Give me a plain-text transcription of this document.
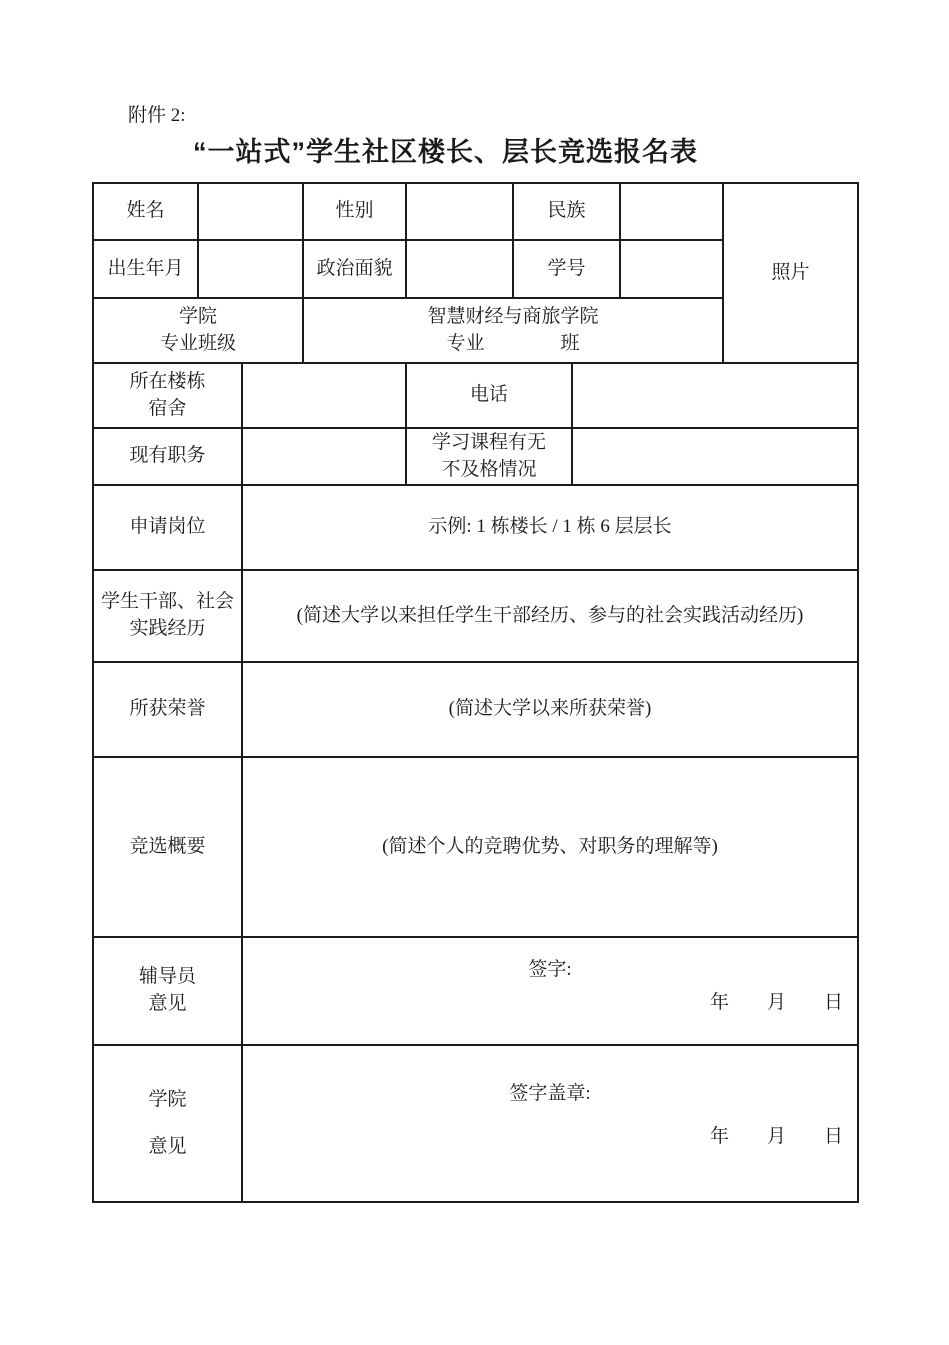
附件 2:

“一站式”学生社区楼长、层长竞选报名表
姓名			性别		民族			照片
出生年月			政治面貌		学号			

学院
专业班级			智慧财经与商旅学院
专业　　　　班					

所在楼栋
宿舍				电话				
现有职务				学习课程有无
不及格情况				

申请岗位		示例: 1 栋楼长 / 1 栋 6 层层长						

学生干部、社会
实践经历		(简述大学以来担任学生干部经历、参与的社会实践活动经历)						
所获荣誉		(简述大学以来所获荣誉)						
竞选概要		(简述个人的竞聘优势、对职务的理解等)						

辅导员
意见

签字:
年　　月　　日

学院
意见

签字盖章:
年　　月　　日
